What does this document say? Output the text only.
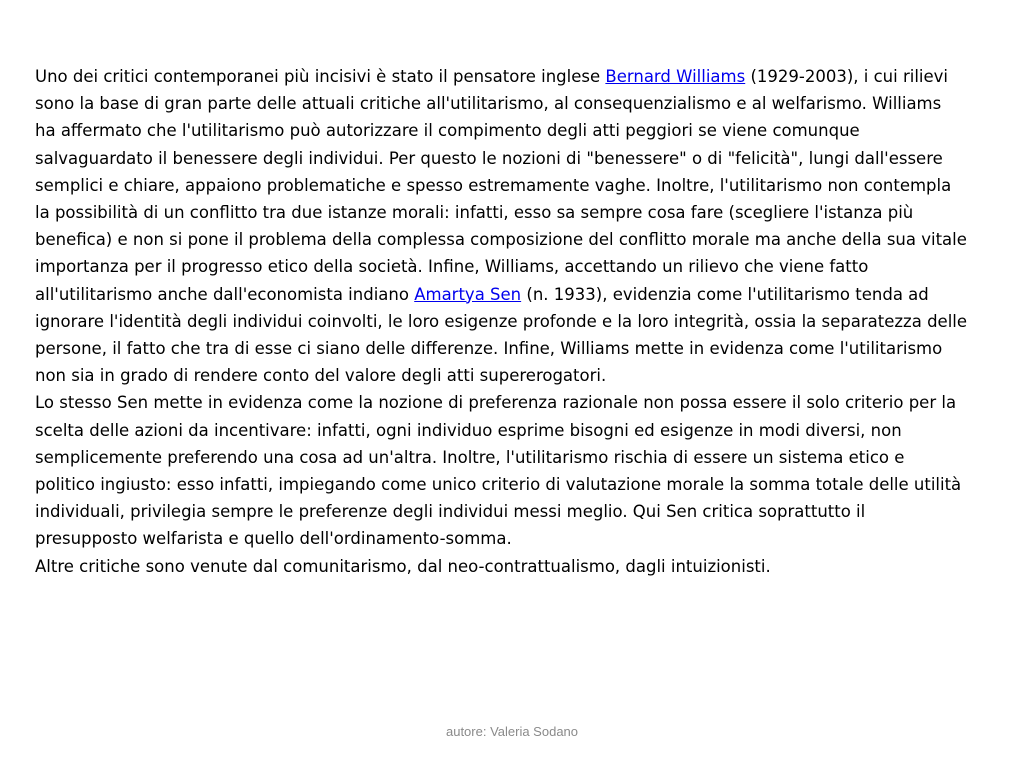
Uno dei critici contemporanei più incisivi è stato il pensatore inglese Bernard Williams (1929-2003), i cui rilievi sono la base di gran parte delle attuali critiche all'utilitarismo, al consequenzialismo e al welfarismo. Williams ha affermato che l'utilitarismo può autorizzare il compimento degli atti peggiori se viene comunque salvaguardato il benessere degli individui. Per questo le nozioni di "benessere" o di "felicità", lungi dall'essere semplici e chiare, appaiono problematiche e spesso estremamente vaghe. Inoltre, l'utilitarismo non contempla la possibilità di un conflitto tra due istanze morali: infatti, esso sa sempre cosa fare (scegliere l'istanza più benefica) e non si pone il problema della complessa composizione del conflitto morale ma anche della sua vitale importanza per il progresso etico della società. Infine, Williams, accettando un rilievo che viene fatto all'utilitarismo anche dall'economista indiano Amartya Sen (n. 1933), evidenzia come l'utilitarismo tenda ad ignorare l'identità degli individui coinvolti, le loro esigenze profonde e la loro integrità, ossia la separatezza delle persone, il fatto che tra di esse ci siano delle differenze. Infine, Williams mette in evidenza come l'utilitarismo non sia in grado di rendere conto del valore degli atti supererogatori.

Lo stesso Sen mette in evidenza come la nozione di preferenza razionale non possa essere il solo criterio per la scelta delle azioni da incentivare: infatti, ogni individuo esprime bisogni ed esigenze in modi diversi, non semplicemente preferendo una cosa ad un'altra. Inoltre, l'utilitarismo rischia di essere un sistema etico e politico ingiusto: esso infatti, impiegando come unico criterio di valutazione morale la somma totale delle utilità individuali, privilegia sempre le preferenze degli individui messi meglio. Qui Sen critica soprattutto il presupposto welfarista e quello dell'ordinamento-somma.

Altre critiche sono venute dal comunitarismo, dal neo-contrattualismo, dagli intuizionisti.

autore: Valeria Sodano
